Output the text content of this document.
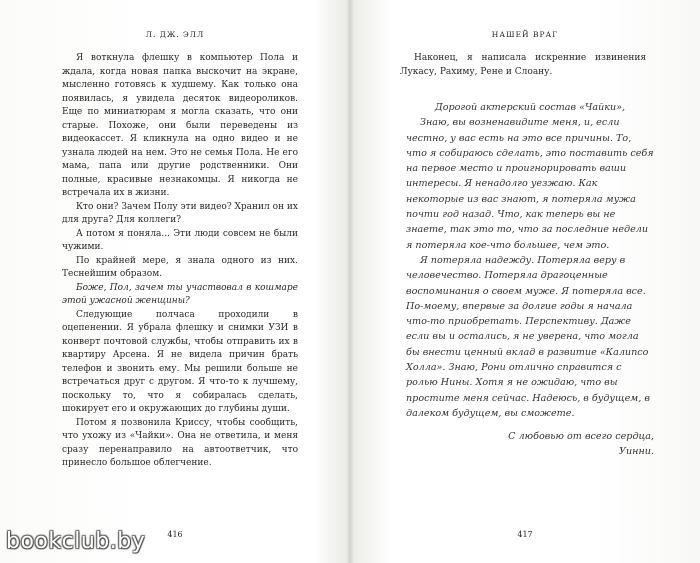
Л. ДЖ. ЭЛЛ

Я воткнула флешку в компьютер Пола и ждала, когда новая папка выскочит на экране, мысленно готовясь к худшему. Как только она появилась, я увидела десяток видеороликов. Еще по миниатюрам я могла сказать, что они старые. Похоже, они были переведены из видеокассет. Я кликнула на одно видео и не узнала людей на нем. Это не семья Пола. Не его мама, папа или другие родственники. Они полные, красивые незнакомцы. Я никогда не встречала их в жизни.

Кто они? Зачем Полу эти видео? Хранил он их для друга? Для коллеги?

А потом я поняла... Эти люди совсем не были чужими.

По крайней мере, я знала одного из них. Теснейшим образом.

Боже, Пол, зачем ты участвовал в кошмаре этой ужасной женщины?

Следующие полчаса проходили в оцепенении. Я убрала флешку и снимки УЗИ в конверт почтовой службы, чтобы отправить их в квартиру Арсена. Я не видела причин брать телефон и звонить ему. Мы решили больше не встречаться друг с другом. Я что-то к лучшему, поскольку то, что я собиралась сделать, шокирует его и окружающих до глубины души.

Потом я позвонила Криссу, чтобы сообщить, что ухожу из «Чайки». Она не ответила, и меня сразу перенаправило на автоответчик, что принесло большое облегчение.

416
НАШЕЙ ВРАГ

Наконец, я написала искренние извинения Лукасу, Рахиму, Рене и Слоану.

Дорогой актерский состав «Чайки»,

Знаю, вы возненавидите меня, и, если честно, у вас есть на это все причины. То, что я собираюсь сделать, это поставить себя на первое место и проигнорировать ваши интересы. Я ненадолго уезжаю. Как некоторые из вас знают, я потеряла мужа почти год назад. Что, как теперь вы не знаете, так это то, что за последние недели я потеряла кое-что большее, чем это.

Я потеряла надежду. Потеряла веру в человечество. Потеряла драгоценные воспоминания о своем муже. Я потеряла все. По-моему, впервые за долгие годы я начала что-то приобретать. Перспективу. Даже если вы и остались, я не уверена, что могла бы внести ценный вклад в развитие «Калипсо Холла». Знаю, Рони отлично справится с ролью Нины. Хотя я не ожидаю, что вы простите меня сейчас. Надеюсь, в будущем, в далеком будущем, вы сможете.

С любовью от всего сердца,

Уинни.

417
bookclub.by
